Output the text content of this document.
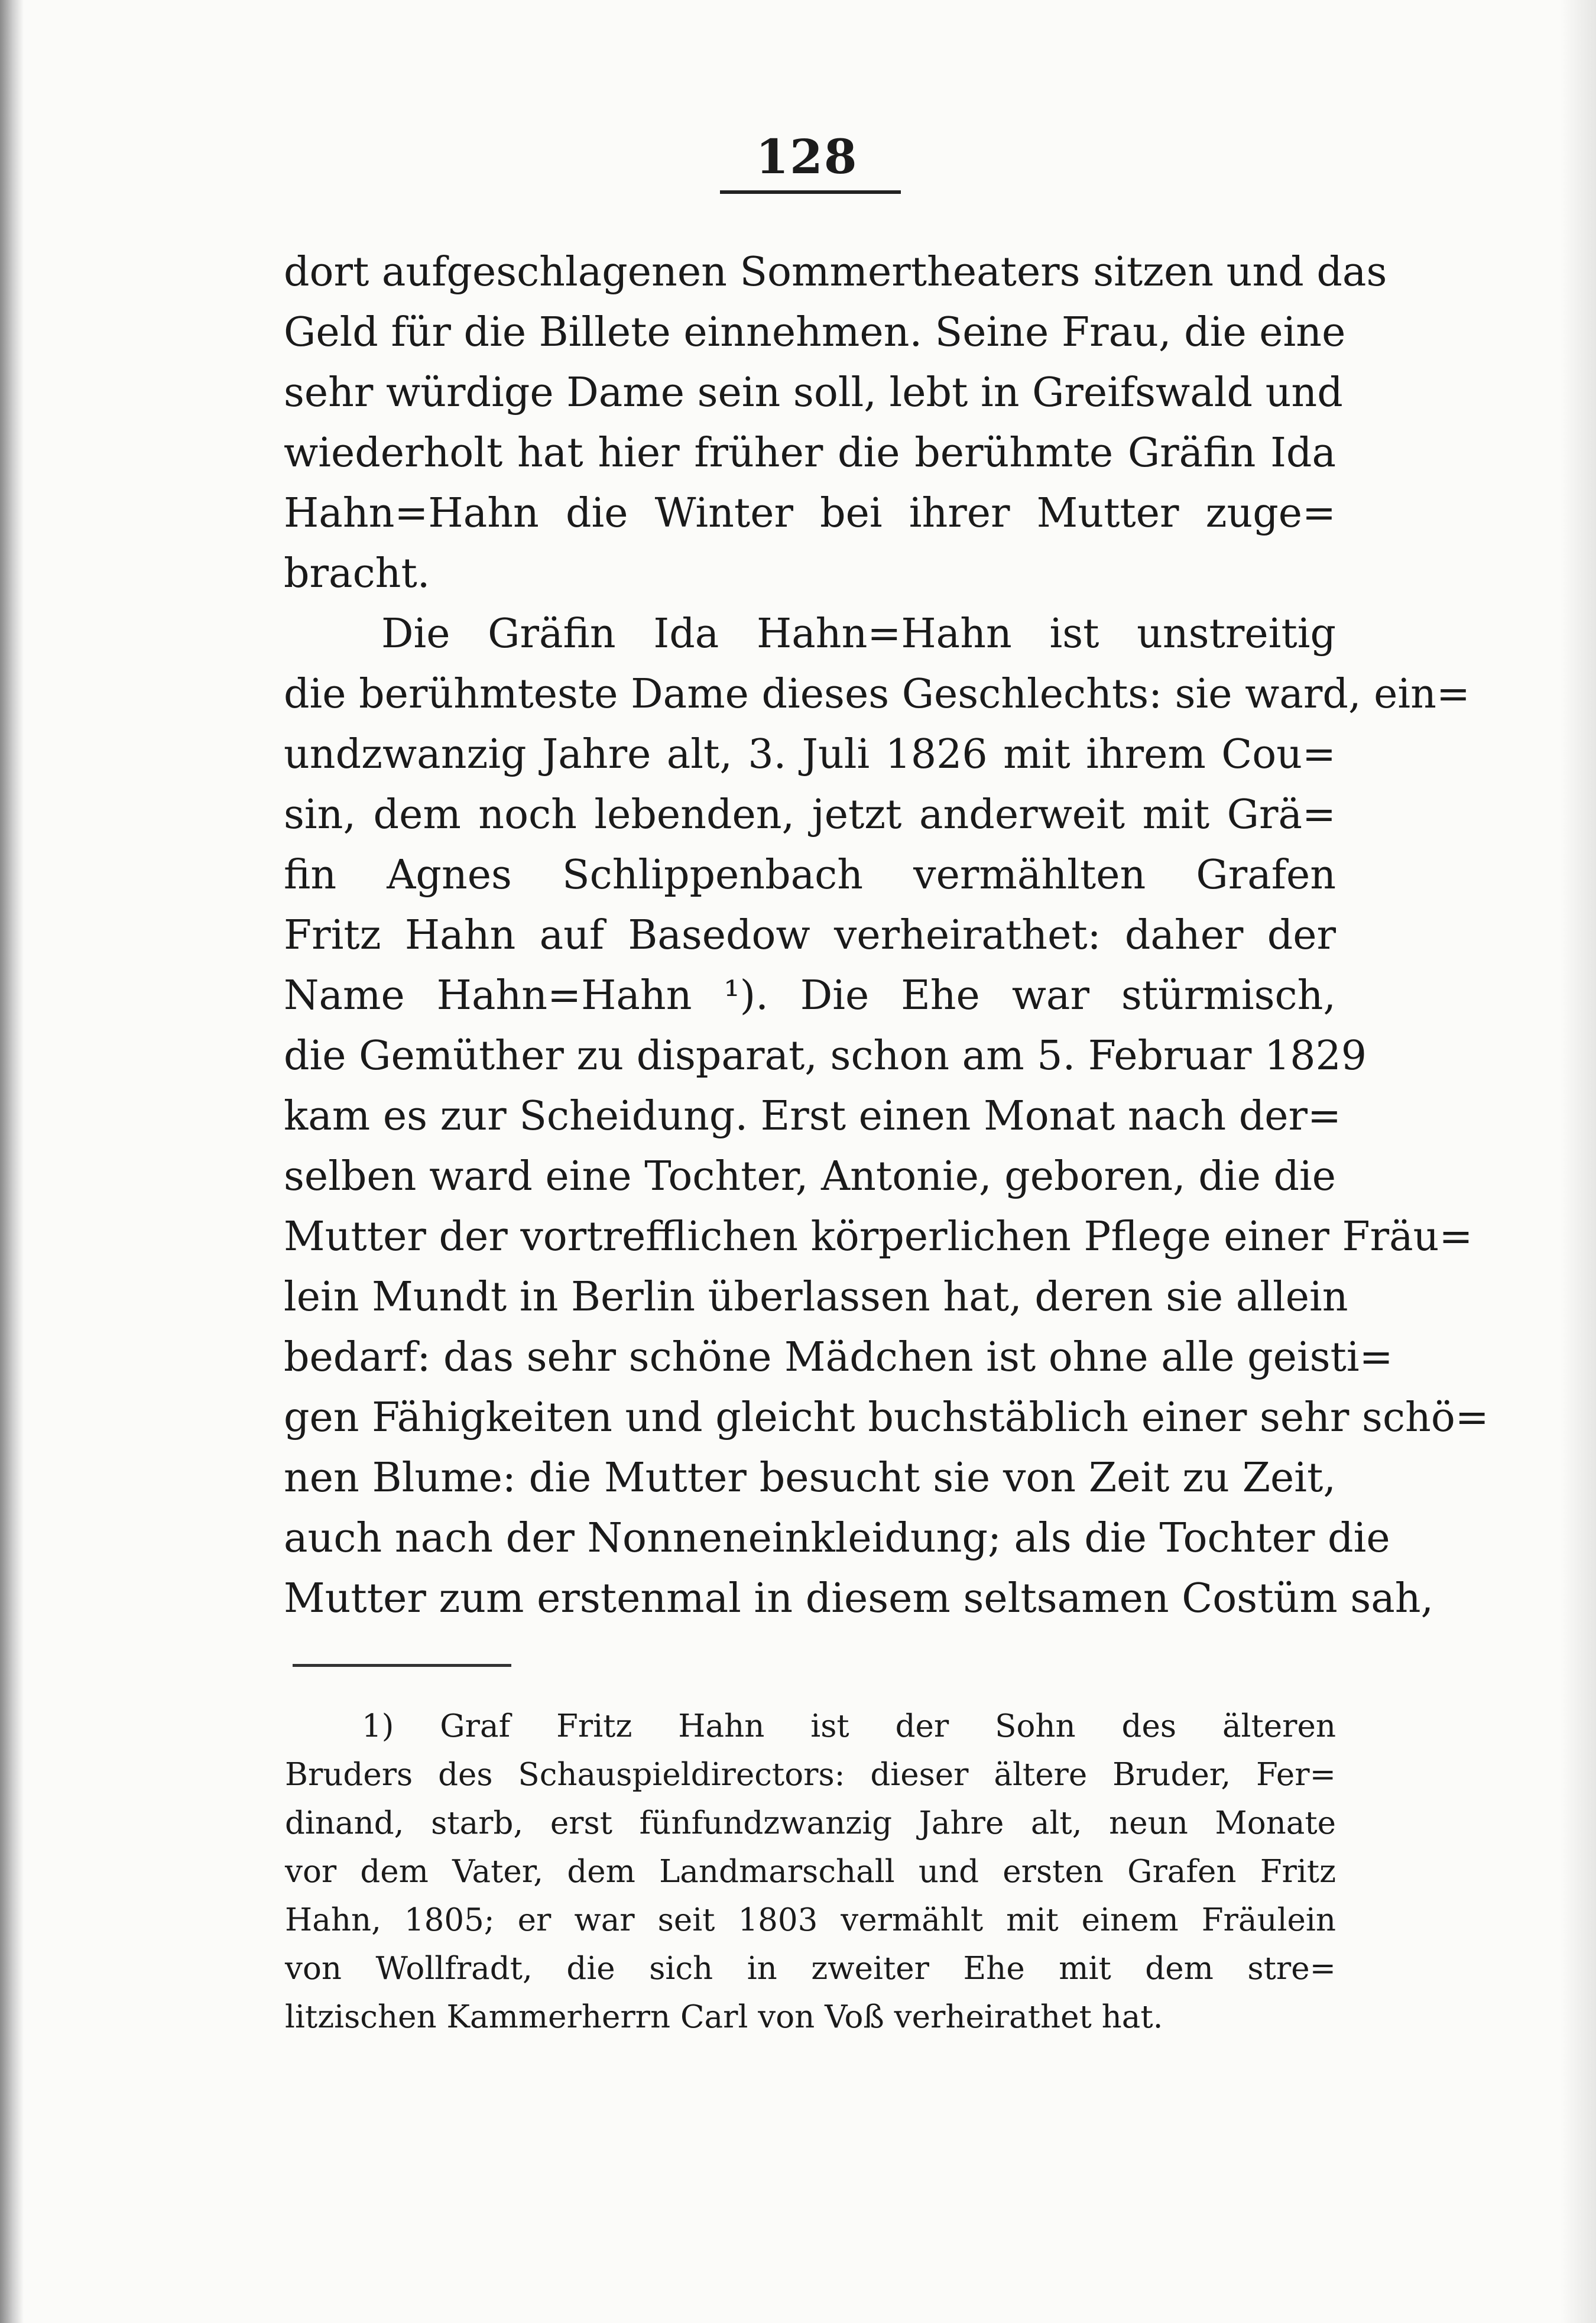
128
dort aufgeschlagenen Sommertheaters sitzen und das
Geld für die Billete einnehmen. Seine Frau, die eine
sehr würdige Dame sein soll, lebt in Greifswald und
wiederholt hat hier früher die berühmte Gräfin Ida
Hahn=Hahn die Winter bei ihrer Mutter zuge=
bracht.
Die Gräfin Ida Hahn=Hahn ist unstreitig
die berühmteste Dame dieses Geschlechts: sie ward, ein=
undzwanzig Jahre alt, 3. Juli 1826 mit ihrem Cou=
sin, dem noch lebenden, jetzt anderweit mit Grä=
fin Agnes Schlippenbach vermählten Grafen
Fritz Hahn auf Basedow verheirathet: daher der
Name Hahn=Hahn ¹). Die Ehe war stürmisch,
die Gemüther zu disparat, schon am 5. Februar 1829
kam es zur Scheidung. Erst einen Monat nach der=
selben ward eine Tochter, Antonie, geboren, die die
Mutter der vortrefflichen körperlichen Pflege einer Fräu=
lein Mundt in Berlin überlassen hat, deren sie allein
bedarf: das sehr schöne Mädchen ist ohne alle geisti=
gen Fähigkeiten und gleicht buchstäblich einer sehr schö=
nen Blume: die Mutter besucht sie von Zeit zu Zeit,
auch nach der Nonneneinkleidung; als die Tochter die
Mutter zum erstenmal in diesem seltsamen Costüm sah,
1) Graf Fritz Hahn ist der Sohn des älteren
Bruders des Schauspieldirectors: dieser ältere Bruder, Fer=
dinand, starb, erst fünfundzwanzig Jahre alt, neun Monate
vor dem Vater, dem Landmarschall und ersten Grafen Fritz
Hahn, 1805; er war seit 1803 vermählt mit einem Fräulein
von Wollfradt, die sich in zweiter Ehe mit dem stre=
litzischen Kammerherrn Carl von Voß verheirathet hat.
